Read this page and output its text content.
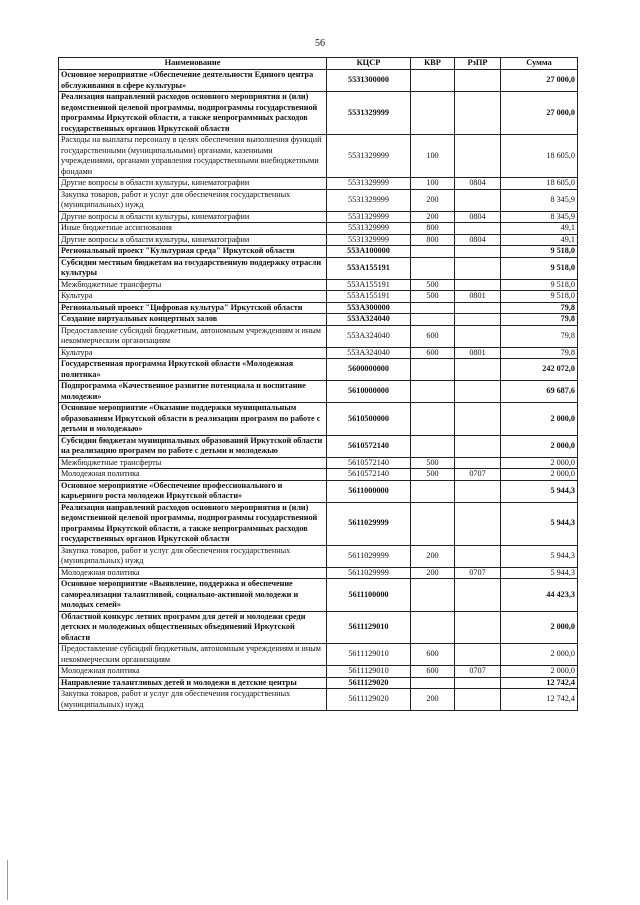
56
Наименование	КЦСР	КВР	РзПР	Сумма
Основное мероприятие «Обеспечение деятельности Единого центра обслуживания в сфере культуры»	5531300000			27 000,0
Реализация направлений расходов основного мероприятия и (или) ведомственной целевой программы, подпрограммы государственной программы Иркутской области, а также непрограммных расходов государственных органов Иркутской области	5531329999			27 000,0
Расходы на выплаты персоналу в целях обеспечения выполнения функций государственными (муниципальными) органами, казенными учреждениями, органами управления государственными внебюджетными фондами	5531329999	100		18 605,0
Другие вопросы в области культуры, кинематографии	5531329999	100	0804	18 605,0
Закупка товаров, работ и услуг для обеспечения государственных (муниципальных) нужд	5531329999	200		8 345,9
Другие вопросы в области культуры, кинематографии	5531329999	200	0804	8 345,9
Иные бюджетные ассигнования	5531329999	800		49,1
Другие вопросы в области культуры, кинематографии	5531329999	800	0804	49,1
Региональный проект "Культурная среда" Иркутской области	553A100000			9 518,0
Субсидии местным бюджетам на государственную поддержку отрасли культуры	553A155191			9 518,0
Межбюджетные трансферты	553A155191	500		9 518,0
Культура	553A155191	500	0801	9 518,0
Региональный проект "Цифровая культура" Иркутской области	553A300000			79,8
Создание виртуальных концертных залов	553A324040			79,8
Предоставление субсидий бюджетным, автономным учреждениям и иным некоммерческим организациям	553A324040	600		79,8
Культура	553A324040	600	0801	79,8
Государственная программа Иркутской области «Молодежная политика»	5600000000			242 072,0
Подпрограмма «Качественное развитие потенциала и воспитание молодежи»	5610000000			69 687,6
Основное мероприятие «Оказание поддержки муниципальным образованиям Иркутской области в реализации программ по работе с детьми и молодежью»	5610500000			2 000,0
Субсидии бюджетам муниципальных образований Иркутской области на реализацию программ по работе с детьми и молодежью	5610572140			2 000,0
Межбюджетные трансферты	5610572140	500		2 000,0
Молодежная политика	5610572140	500	0707	2 000,0
Основное мероприятие «Обеспечение профессионального и карьерного роста молодежи Иркутской области»	5611000000			5 944,3
Реализация направлений расходов основного мероприятия и (или) ведомственной целевой программы, подпрограммы государственной программы Иркутской области, а также непрограммных расходов государственных органов Иркутской области	5611029999			5 944,3
Закупка товаров, работ и услуг для обеспечения государственных (муниципальных) нужд	5611029999	200		5 944,3
Молодежная политика	5611029999	200	0707	5 944,3
Основное мероприятие «Выявление, поддержка и обеспечение самореализации талантливой, социально-активной молодежи и молодых семей»	5611100000			44 423,3
Областной конкурс летних программ для детей и молодежи среди детских и молодежных общественных объединений Иркутской области	5611129010			2 000,0
Предоставление субсидий бюджетным, автономным учреждениям и иным некоммерческим организациям	5611129010	600		2 000,0
Молодежная политика	5611129010	600	0707	2 000,0
Направление талантливых детей и молодежи в детские центры	5611129020			12 742,4
Закупка товаров, работ и услуг для обеспечения государственных (муниципальных) нужд	5611129020	200		12 742,4
